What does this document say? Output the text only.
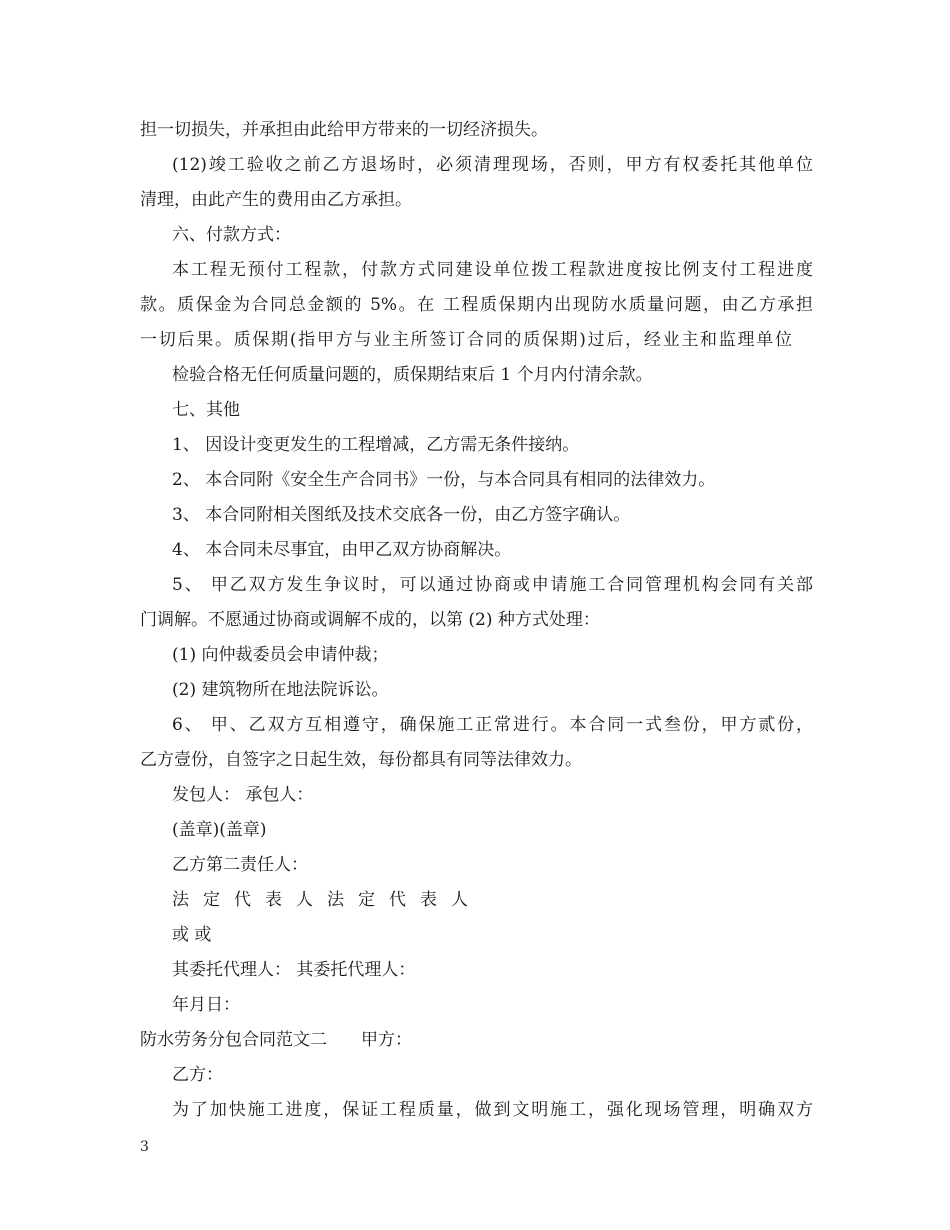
担一切损失，并承担由此给甲方带来的一切经济损失。
(12)竣工验收之前乙方退场时，必须清理现场，否则，甲方有权委托其他单位
清理，由此产生的费用由乙方承担。
六、付款方式：
本工程无预付工程款，付款方式同建设单位拨工程款进度按比例支付工程进度
款。质保金为合同总金额的 5%。在 工程质保期内出现防水质量问题，由乙方承担
一切后果。质保期(指甲方与业主所签订合同的质保期)过后，经业主和监理单位
检验合格无任何质量问题的，质保期结束后 1 个月内付清余款。
七、其他
1、 因设计变更发生的工程增减，乙方需无条件接纳。
2、 本合同附《安全生产合同书》一份，与本合同具有相同的法律效力。
3、 本合同附相关图纸及技术交底各一份，由乙方签字确认。
4、 本合同未尽事宜，由甲乙双方协商解决。
5、 甲乙双方发生争议时，可以通过协商或申请施工合同管理机构会同有关部
门调解。不愿通过协商或调解不成的，以第 (2) 种方式处理：
(1) 向仲裁委员会申请仲裁；
(2) 建筑物所在地法院诉讼。
6、 甲、乙双方互相遵守，确保施工正常进行。本合同一式叁份，甲方贰份，
乙方壹份，自签字之日起生效，每份都具有同等法律效力。
发包人： 承包人：
(盖章)(盖章)
乙方第二责任人：
法定代表人法定代表人
或 或
其委托代理人： 其委托代理人：
年月日：
防水劳务分包合同范文二　　甲方：
乙方：
为了加快施工进度，保证工程质量，做到文明施工，强化现场管理，明确双方
3
